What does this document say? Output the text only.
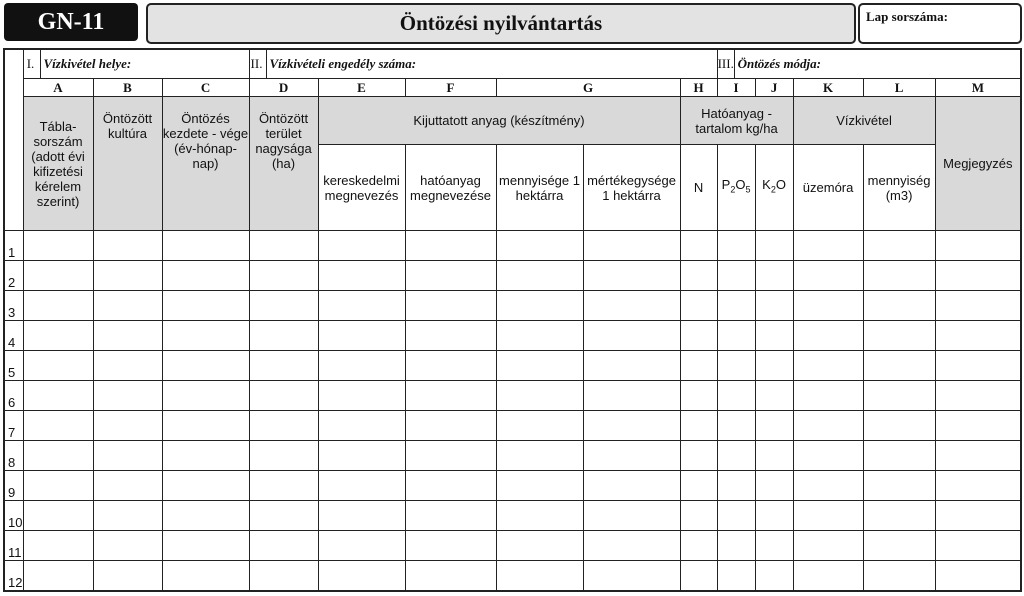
GN-11	Öntözési nyilvántartás	Lap sorszáma:
	I. Vízkivétel helye:			II. Vízkivételi engedély száma:						III. Öntözés módja:				
	A	B	C	D	E	F	G		H	I	J	K	L	M
	Tábla-sorszám (adott évi kifizetési kérelem szerint)	Öntözött kultúra	Öntözés kezdete - vége (év-hónap-nap)	Öntözött terület nagysága (ha)	Kijuttatott anyag (készítmény)				Hatóanyag - tartalom kg/ha			Vízkivétel		Megjegyzés
					kereskedelmi megnevezés	hatóanyag megnevezése	mennyisége 1 hektárra	mértékegysége 1 hektárra	N	$P_2O_5$	$K_2O$	üzemóra	mennyiség (m3)	
1														
2														
3														
4														
5														
6														
7														
8														
9														
10														
11														
12														
